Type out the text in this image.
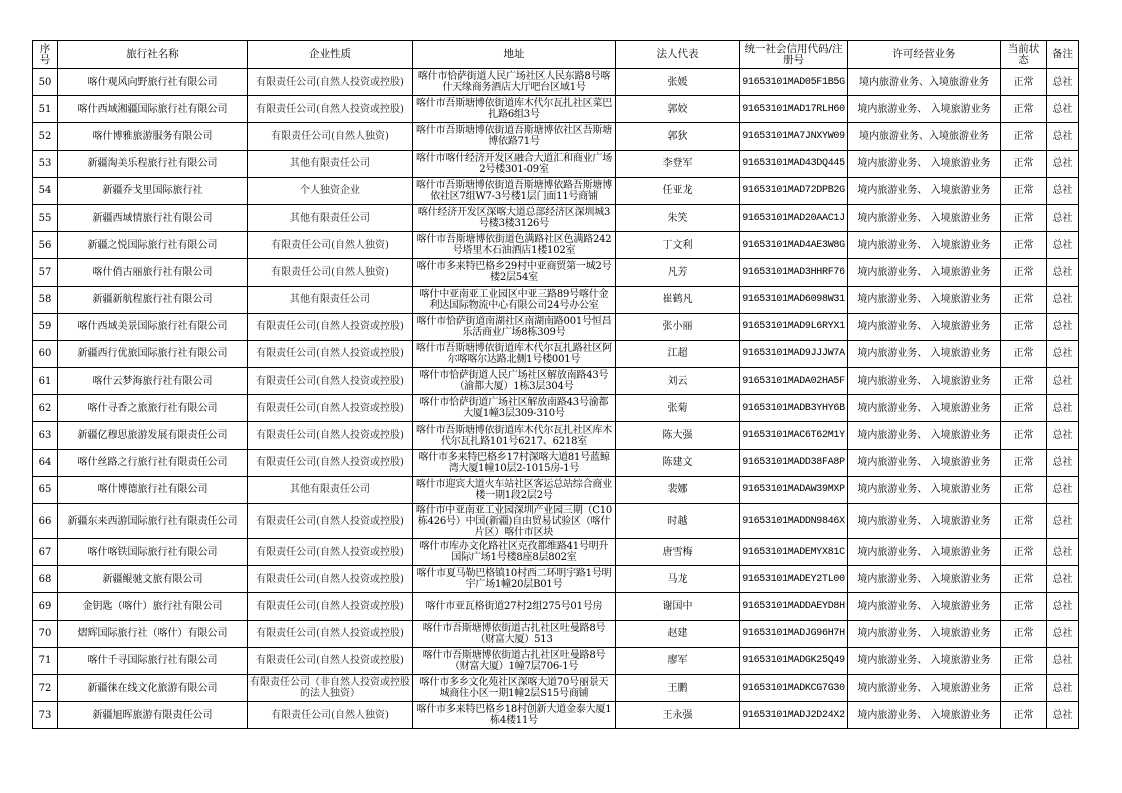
序号	旅行社名称	企业性质	地址	法人代表	统一社会信用代码/注册号	许可经营业务	当前状态	备注
50	喀什观风向野旅行社有限公司	有限责任公司(自然人投资或控股)	喀什市恰萨街道人民广场社区人民东路8号喀什天缘商务酒店大厅吧台区域1号	张媛	91653101MAD05F1B5G	境内旅游业务、入境旅游业务	正常	总社
51	喀什西域湘疆国际旅行社有限公司	有限责任公司(自然人投资或控股)	喀什市吾斯塘博依街道库木代尔瓦扎社区菜巴扎路6组3号	郭姣	91653101MAD17RLH60	境内旅游业务、 入境旅游业务	正常	总社
52	喀什博雅旅游服务有限公司	有限责任公司(自然人独资)	喀什市吾斯塘博依街道吾斯塘博依社区吾斯塘博依路71号	郭狄	91653101MA7JNXYW09	境内旅游业务、入境旅游业务	正常	总社
53	新疆淘美乐程旅行社有限公司	其他有限责任公司	喀什市喀什经济开发区融合大道汇和商业广场2号楼301-09室	李登军	91653101MAD43DQ445	境内旅游业务、 入境旅游业务	正常	总社
54	新疆乔戈里国际旅行社	个人独资企业	喀什市吾斯塘博依街道吾斯塘博依路吾斯塘博依社区7组W7-3号楼1层门面11号商铺	任亚龙	91653101MAD72DPB2G	境内旅游业务、 入境旅游业务	正常	总社
55	新疆西域情旅行社有限公司	其他有限责任公司	喀什经济开发区深喀大道总部经济区深圳城3号楼3楼3126号	朱笑	91653101MAD20AAC1J	境内旅游业务、 入境旅游业务	正常	总社
56	新疆之悦国际旅行社有限公司	有限责任公司(自然人独资)	喀什市吾斯塘博依街道色满路社区色满路242号塔里木石油酒店1楼102室	丁文利	91653101MAD4AE3W8G	境内旅游业务、 入境旅游业务	正常	总社
57	喀什俏古丽旅行社有限公司	有限责任公司(自然人独资)	喀什市多来特巴格乡29村中亚商贸第一城2号楼2层54室	凡芳	91653101MAD3HHRF76	境内旅游业务、 入境旅游业务	正常	总社
58	新疆新航程旅行社有限公司	其他有限责任公司	喀什中亚南亚工业园区中亚三路89号喀什金利达国际物流中心有限公司24号办公室	崔鹤凡	91653101MAD6098W31	境内旅游业务、 入境旅游业务	正常	总社
59	喀什西域美景国际旅行社有限公司	有限责任公司(自然人投资或控股)	喀什市恰萨街道南湖社区南湖南路001号恒昌乐活商业广场8栋309号	张小丽	91653101MAD9L6RYX1	境内旅游业务、 入境旅游业务	正常	总社
60	新疆西行优旅国际旅行社有限公司	有限责任公司(自然人投资或控股)	喀什市吾斯塘博依街道库木代尔瓦扎路社区阿尔喀喀尔达路北侧1号楼001号	江超	91653101MAD9JJJW7A	境内旅游业务、 入境旅游业务	正常	总社
61	喀什云梦海旅行社有限公司	有限责任公司(自然人投资或控股)	喀什市恰萨街道人民广场社区解放南路43号（渝都大厦）1栋3层304号	刘云	91653101MADA02HA5F	境内旅游业务、 入境旅游业务	正常	总社
62	喀什寻香之旅旅行社有限公司	有限责任公司(自然人投资或控股)	喀什市恰萨街道广场社区解放南路43号渝都大厦1幢3层309-310号	张菊	91653101MADB3YHY6B	境内旅游业务、 入境旅游业务	正常	总社
63	新疆亿穆思旅游发展有限责任公司	有限责任公司(自然人投资或控股)	喀什市吾斯塘博依街道库木代尔瓦扎社区库木代尔瓦扎路101号6217、6218室	陈大强	91653101MAC6T62M1Y	境内旅游业务、 入境旅游业务	正常	总社
64	喀什丝路之行旅行社有限责任公司	有限责任公司(自然人投资或控股)	喀什市多来特巴格乡17村深喀大道81号蓝鲸湾大厦1幢10层2-1015房-1号	陈建文	91653101MADD38FA8P	境内旅游业务、 入境旅游业务	正常	总社
65	喀什博德旅行社有限公司	其他有限责任公司	喀什市迎宾大道火车站社区客运总站综合商业楼一期1段2层2号	裴娜	91653101MADAW39MXP	境内旅游业务、 入境旅游业务	正常	总社
66	新疆东来西游国际旅行社有限责任公司	有限责任公司(自然人投资或控股)	喀什市中亚南亚工业园深圳产业园三期（C10栋426号）中国(新疆)自由贸易试验区（喀什片区）喀什市区块	时越	91653101MADDN9846X	境内旅游业务、 入境旅游业务	正常	总社
67	喀什喀铁国际旅行社有限公司	有限责任公司(自然人投资或控股)	喀什市库办文化路社区克孜都维路41号明升国际广场1号楼8座8层802室	唐雪梅	91653101MADEMYX81C	境内旅游业务、 入境旅游业务	正常	总社
68	新疆鲲驰文旅有限公司	有限责任公司(自然人投资或控股)	喀什市夏马勒巴格镇10村西二环明宇路1号明宇广场1幢20层B01号	马龙	91653101MADEY2TL00	境内旅游业务、 入境旅游业务	正常	总社
69	金钥匙（喀什）旅行社有限公司	有限责任公司(自然人投资或控股)	喀什市亚瓦格街道27村2组275号01号房	谢国中	91653101MADDAEYD8H	境内旅游业务、 入境旅游业务	正常	总社
70	熠辉国际旅行社（喀什）有限公司	有限责任公司(自然人投资或控股)	喀什市吾斯塘博依街道古扎社区吐曼路8号（财富大厦）513	赵建	91653101MADJG96H7H	境内旅游业务、 入境旅游业务	正常	总社
71	喀什千寻国际旅行社有限公司	有限责任公司(自然人投资或控股)	喀什市吾斯塘博依街道古扎社区吐曼路8号（财富大厦）1幢7层706-1号	廖军	91653101MADGK25Q49	境内旅游业务、 入境旅游业务	正常	总社
72	新疆徕在线文化旅游有限公司	有限责任公司（非自然人投资或控股的法人独资）	喀什市多乡文化苑社区深喀大道70号丽景天城商住小区一期1幢2层S15号商铺	王鹏	91653101MADKCG7G30	境内旅游业务、 入境旅游业务	正常	总社
73	新疆旭晖旅游有限责任公司	有限责任公司(自然人独资)	喀什市多来特巴格乡18村创新大道金泰大厦1栋4楼11号	王永强	91653101MADJ2D24X2	境内旅游业务、 入境旅游业务	正常	总社
